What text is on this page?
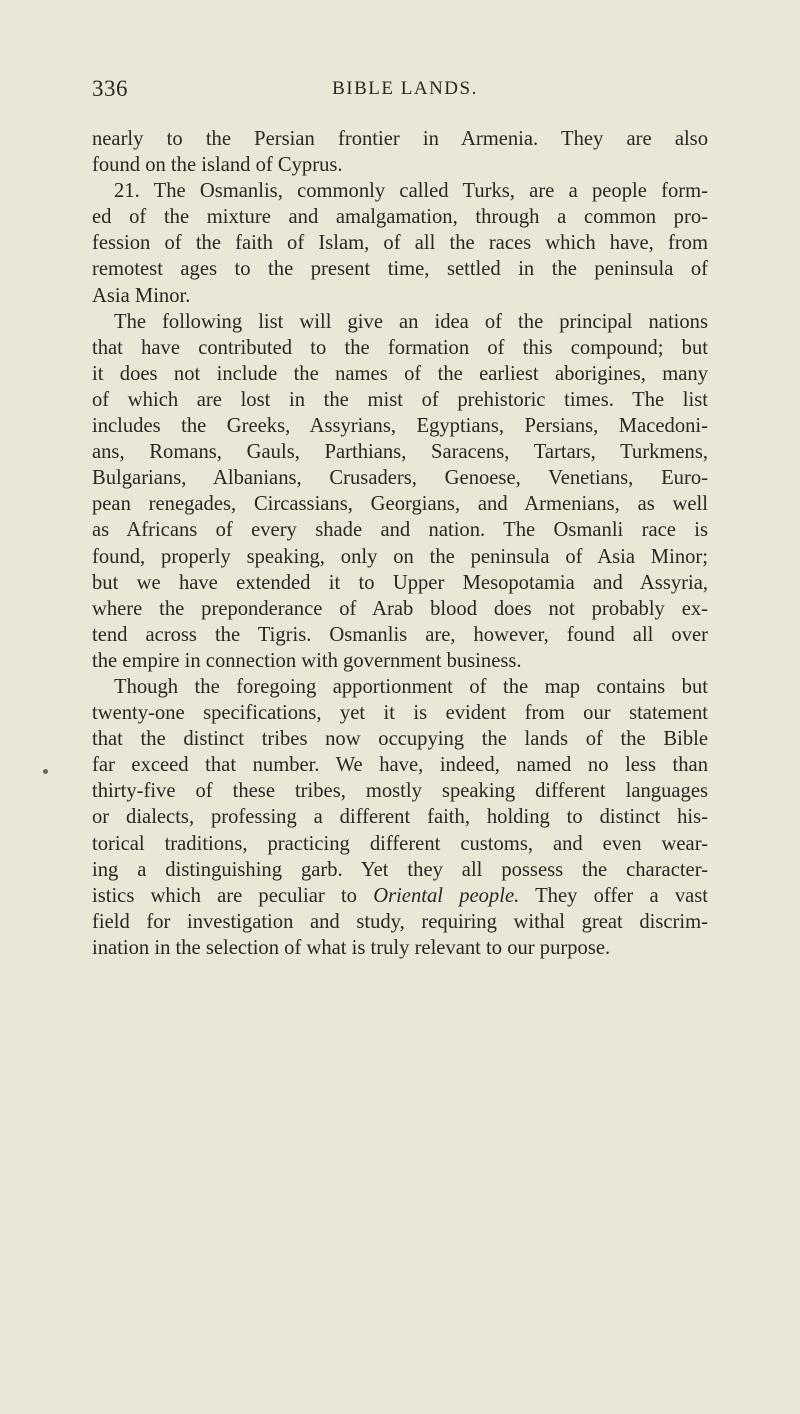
336	BIBLE LANDS.
nearly to the Persian frontier in Armenia. They are also
found on the island of Cyprus.
21. The Osmanlis, commonly called Turks, are a people form-
ed of the mixture and amalgamation, through a common pro-
fession of the faith of Islam, of all the races which have, from
remotest ages to the present time, settled in the peninsula of
Asia Minor.
The following list will give an idea of the principal nations
that have contributed to the formation of this compound; but
it does not include the names of the earliest aborigines, many
of which are lost in the mist of prehistoric times. The list
includes the Greeks, Assyrians, Egyptians, Persians, Macedoni-
ans, Romans, Gauls, Parthians, Saracens, Tartars, Turkmens,
Bulgarians, Albanians, Crusaders, Genoese, Venetians, Euro-
pean renegades, Circassians, Georgians, and Armenians, as well
as Africans of every shade and nation. The Osmanli race is
found, properly speaking, only on the peninsula of Asia Minor;
but we have extended it to Upper Mesopotamia and Assyria,
where the preponderance of Arab blood does not probably ex-
tend across the Tigris. Osmanlis are, however, found all over
the empire in connection with government business.
Though the foregoing apportionment of the map contains but
twenty-one specifications, yet it is evident from our statement
that the distinct tribes now occupying the lands of the Bible
far exceed that number. We have, indeed, named no less than
thirty-five of these tribes, mostly speaking different languages
or dialects, professing a different faith, holding to distinct his-
torical traditions, practicing different customs, and even wear-
ing a distinguishing garb. Yet they all possess the character-
istics which are peculiar to Oriental people. They offer a vast
field for investigation and study, requiring withal great discrim-
ination in the selection of what is truly relevant to our purpose.
